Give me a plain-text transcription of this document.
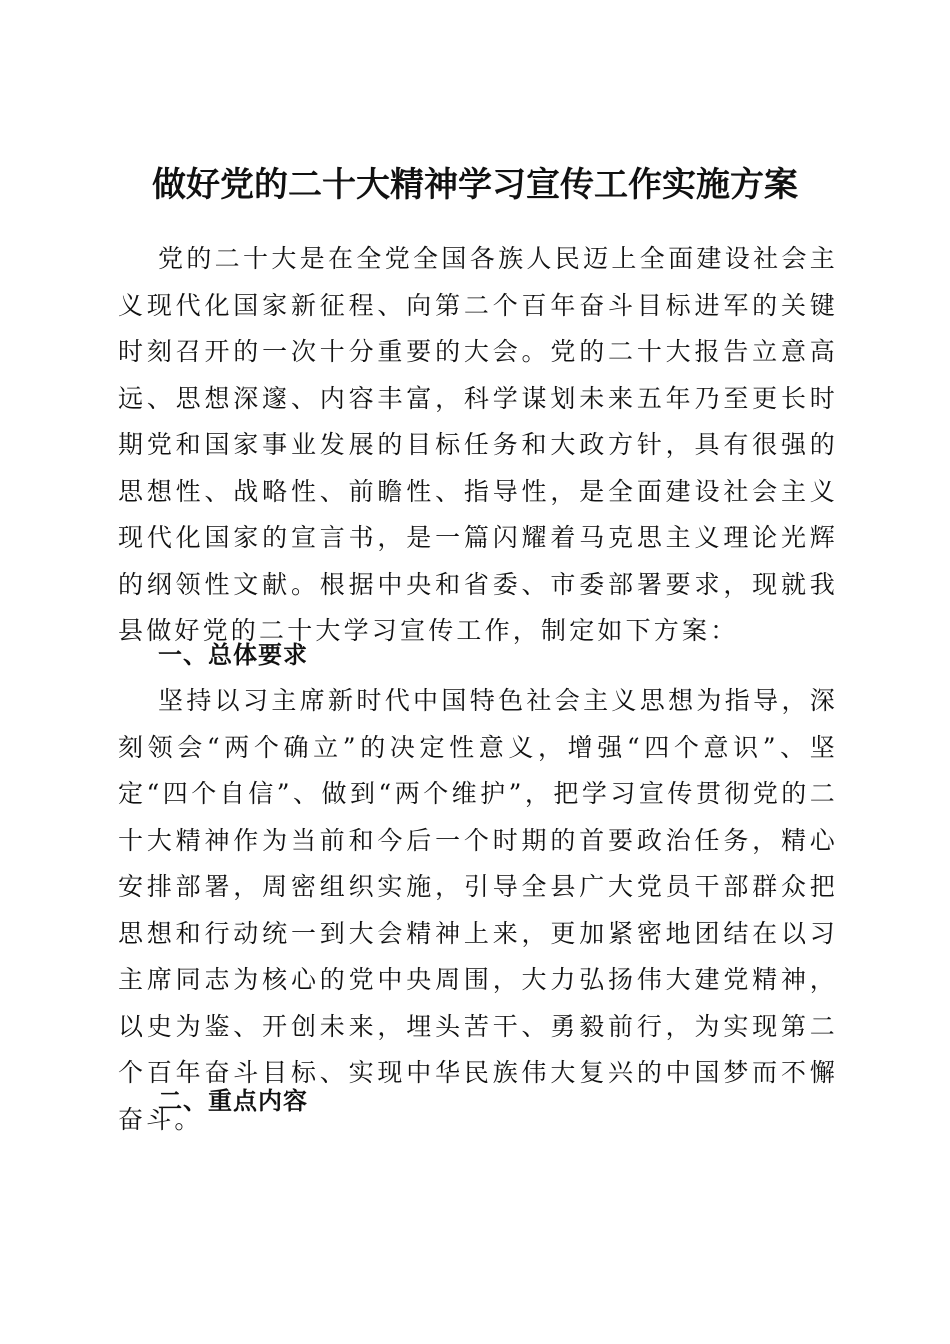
做好党的二十大精神学习宣传工作实施方案

党的二十大是在全党全国各族人民迈上全面建设社会主义现代化国家新征程、向第二个百年奋斗目标进军的关键时刻召开的一次十分重要的大会。党的二十大报告立意高远、思想深邃、内容丰富，科学谋划未来五年乃至更长时期党和国家事业发展的目标任务和大政方针，具有很强的思想性、战略性、前瞻性、指导性，是全面建设社会主义现代化国家的宣言书，是一篇闪耀着马克思主义理论光辉的纲领性文献。根据中央和省委、市委部署要求，现就我县做好党的二十大学习宣传工作，制定如下方案：

一、总体要求

坚持以习主席新时代中国特色社会主义思想为指导，深刻领会“两个确立”的决定性意义，增强“四个意识”、坚定“四个自信”、做到“两个维护”，把学习宣传贯彻党的二十大精神作为当前和今后一个时期的首要政治任务，精心安排部署，周密组织实施，引导全县广大党员干部群众把思想和行动统一到大会精神上来，更加紧密地团结在以习主席同志为核心的党中央周围，大力弘扬伟大建党精神，以史为鉴、开创未来，埋头苦干、勇毅前行，为实现第二个百年奋斗目标、实现中华民族伟大复兴的中国梦而不懈奋斗。

二、重点内容
